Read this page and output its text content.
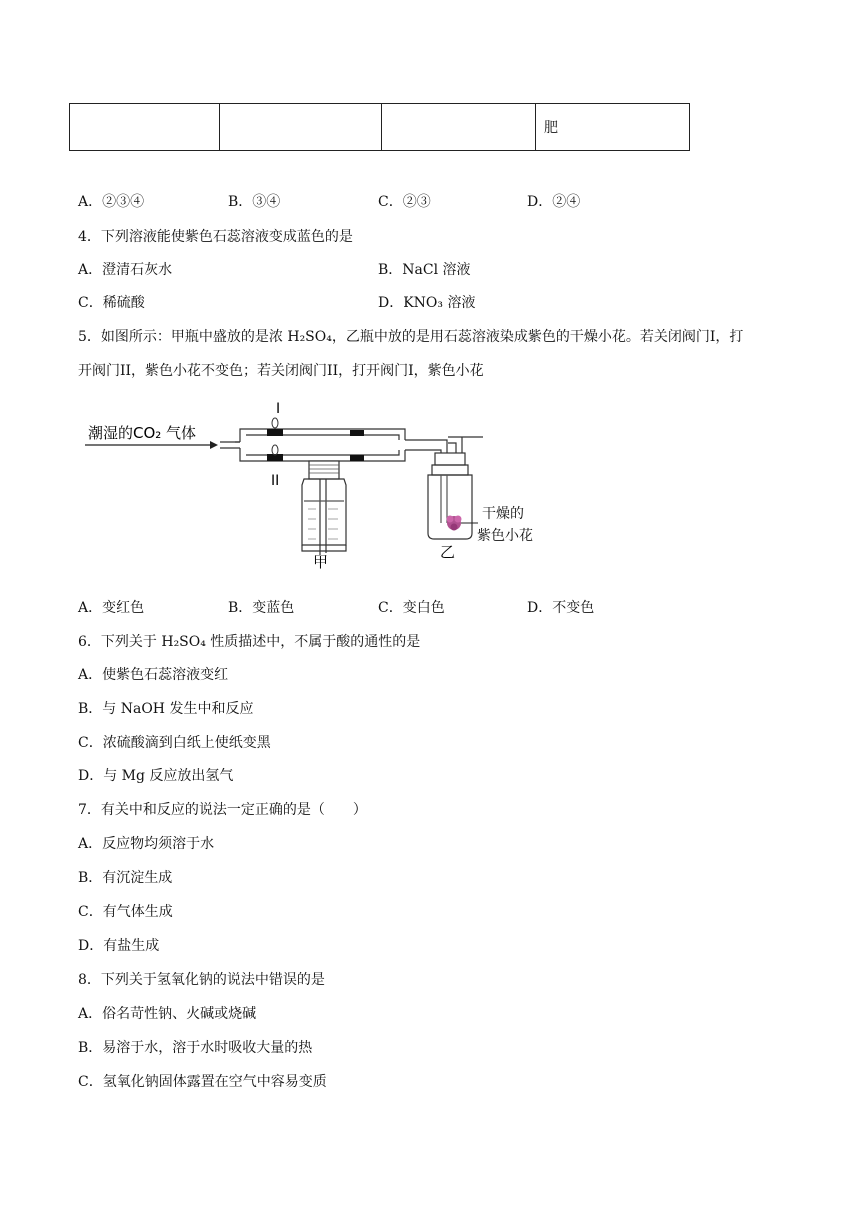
			肥
A．②③④	B．③④	C．②③	D．②④
4．下列溶液能使紫色石蕊溶液变成蓝色的是
A．澄清石灰水	B．NaCl 溶液
C．稀硫酸	D．KNO₃ 溶液
5．如图所示：甲瓶中盛放的是浓 H₂SO₄，乙瓶中放的是用石蕊溶液染成紫色的干燥小花。若关闭阀门I，打
开阀门II，紫色小花不变色；若关闭阀门II，打开阀门I，紫色小花
潮湿的CO₂ 气体
I
II
甲
乙
干燥的
紫色小花
A．变红色	B．变蓝色	C．变白色	D．不变色
6．下列关于 H₂SO₄ 性质描述中，不属于酸的通性的是
A．使紫色石蕊溶液变红
B．与 NaOH 发生中和反应
C．浓硫酸滴到白纸上使纸变黑
D．与 Mg 反应放出氢气
7．有关中和反应的说法一定正确的是（　　）
A．反应物均须溶于水
B．有沉淀生成
C．有气体生成
D．有盐生成
8．下列关于氢氧化钠的说法中错误的是
A．俗名苛性钠、火碱或烧碱
B．易溶于水，溶于水时吸收大量的热
C．氢氧化钠固体露置在空气中容易变质
